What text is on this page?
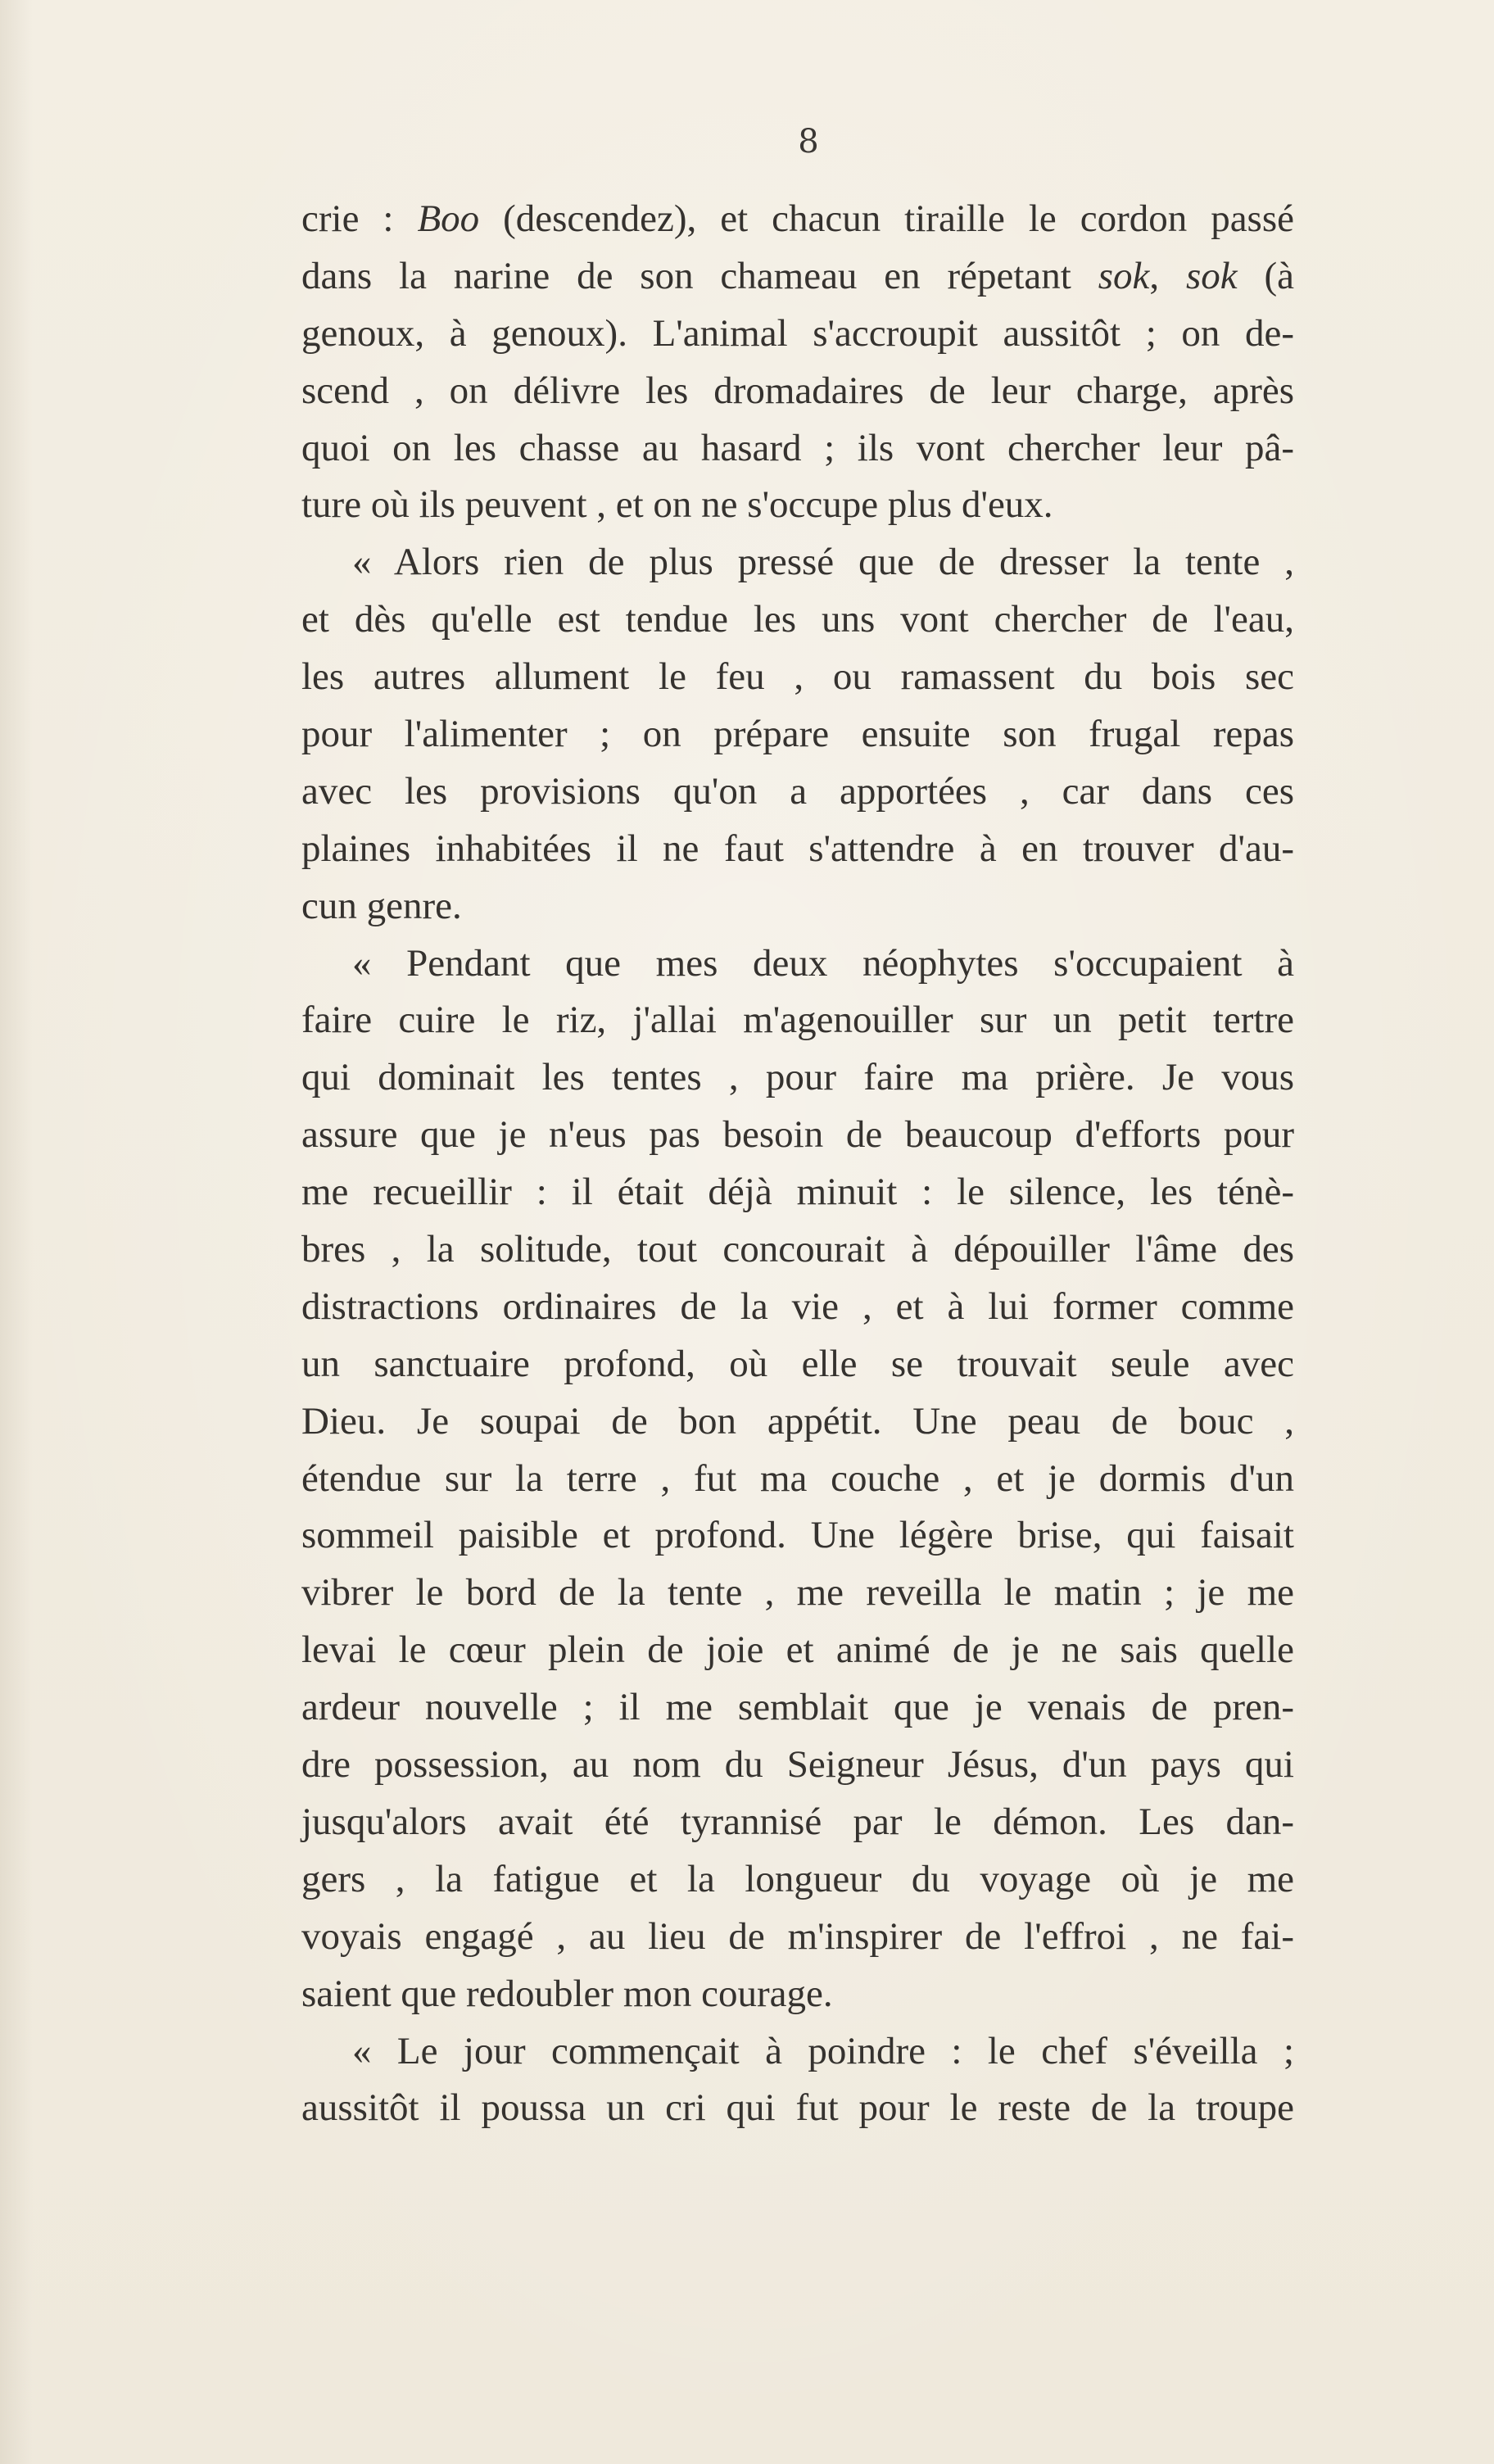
8
crie : Boo (descendez), et chacun tiraille le cordon passé
dans la narine de son chameau en répetant sok, sok (à
genoux, à genoux). L'animal s'accroupit aussitôt ; on de-
scend , on délivre les dromadaires de leur charge, après
quoi on les chasse au hasard ; ils vont chercher leur pâ-
ture où ils peuvent , et on ne s'occupe plus d'eux.
« Alors rien de plus pressé que de dresser la tente ,
et dès qu'elle est tendue les uns vont chercher de l'eau,
les autres allument le feu , ou ramassent du bois sec
pour l'alimenter ; on prépare ensuite son frugal repas
avec les provisions qu'on a apportées , car dans ces
plaines inhabitées il ne faut s'attendre à en trouver d'au-
cun genre.
« Pendant que mes deux néophytes s'occupaient à
faire cuire le riz, j'allai m'agenouiller sur un petit tertre
qui dominait les tentes , pour faire ma prière. Je vous
assure que je n'eus pas besoin de beaucoup d'efforts pour
me recueillir : il était déjà minuit : le silence, les ténè-
bres , la solitude, tout concourait à dépouiller l'âme des
distractions ordinaires de la vie , et à lui former comme
un sanctuaire profond, où elle se trouvait seule avec
Dieu. Je soupai de bon appétit. Une peau de bouc ,
étendue sur la terre , fut ma couche , et je dormis d'un
sommeil paisible et profond. Une légère brise, qui faisait
vibrer le bord de la tente , me reveilla le matin ; je me
levai le cœur plein de joie et animé de je ne sais quelle
ardeur nouvelle ; il me semblait que je venais de pren-
dre possession, au nom du Seigneur Jésus, d'un pays qui
jusqu'alors avait été tyrannisé par le démon. Les dan-
gers , la fatigue et la longueur du voyage où je me
voyais engagé , au lieu de m'inspirer de l'effroi , ne fai-
saient que redoubler mon courage.
« Le jour commençait à poindre : le chef s'éveilla ;
aussitôt il poussa un cri qui fut pour le reste de la troupe
